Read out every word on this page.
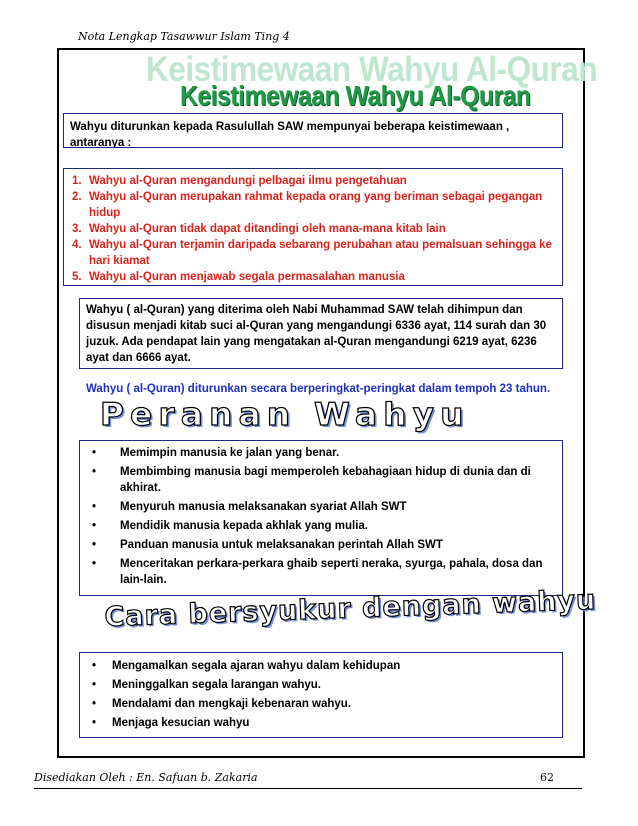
Nota Lengkap Tasawwur Islam Ting 4
Keistimewaan Wahyu Al-Quran
Keistimewaan Wahyu Al-Quran
Wahyu diturunkan kepada Rasulullah SAW mempunyai beberapa keistimewaan , antaranya :
1. Wahyu al-Quran mengandungi pelbagai ilmu pengetahuan
2. Wahyu al-Quran merupakan rahmat kepada orang yang beriman sebagai pegangan hidup
3. Wahyu al-Quran tidak dapat ditandingi oleh mana-mana kitab lain
4. Wahyu al-Quran terjamin daripada sebarang perubahan atau pemalsuan sehingga ke hari kiamat
5. Wahyu al-Quran menjawab segala permasalahan manusia
Wahyu ( al-Quran) yang diterima oleh Nabi Muhammad SAW telah dihimpun dan disusun menjadi kitab suci al-Quran yang mengandungi 6336 ayat, 114 surah dan 30 juzuk. Ada pendapat lain yang mengatakan al-Quran mengandungi 6219 ayat, 6236 ayat dan 6666 ayat.
Wahyu ( al-Quran) diturunkan secara berperingkat-peringkat dalam tempoh 23 tahun.
Peranan Wahyu
• Memimpin manusia ke jalan yang benar.
• Membimbing manusia bagi memperoleh kebahagiaan hidup di dunia dan di akhirat.
• Menyuruh manusia melaksanakan syariat Allah SWT
• Mendidik manusia kepada akhlak yang mulia.
• Panduan manusia untuk melaksanakan perintah Allah SWT
• Menceritakan perkara-perkara ghaib seperti neraka, syurga, pahala, dosa dan lain-lain.
Cara bersyukur dengan wahyu
• Mengamalkan segala ajaran wahyu dalam kehidupan
• Meninggalkan segala larangan wahyu.
• Mendalami dan mengkaji kebenaran wahyu.
• Menjaga kesucian wahyu
Disediakan Oleh : En. Safuan b. Zakaria	62
